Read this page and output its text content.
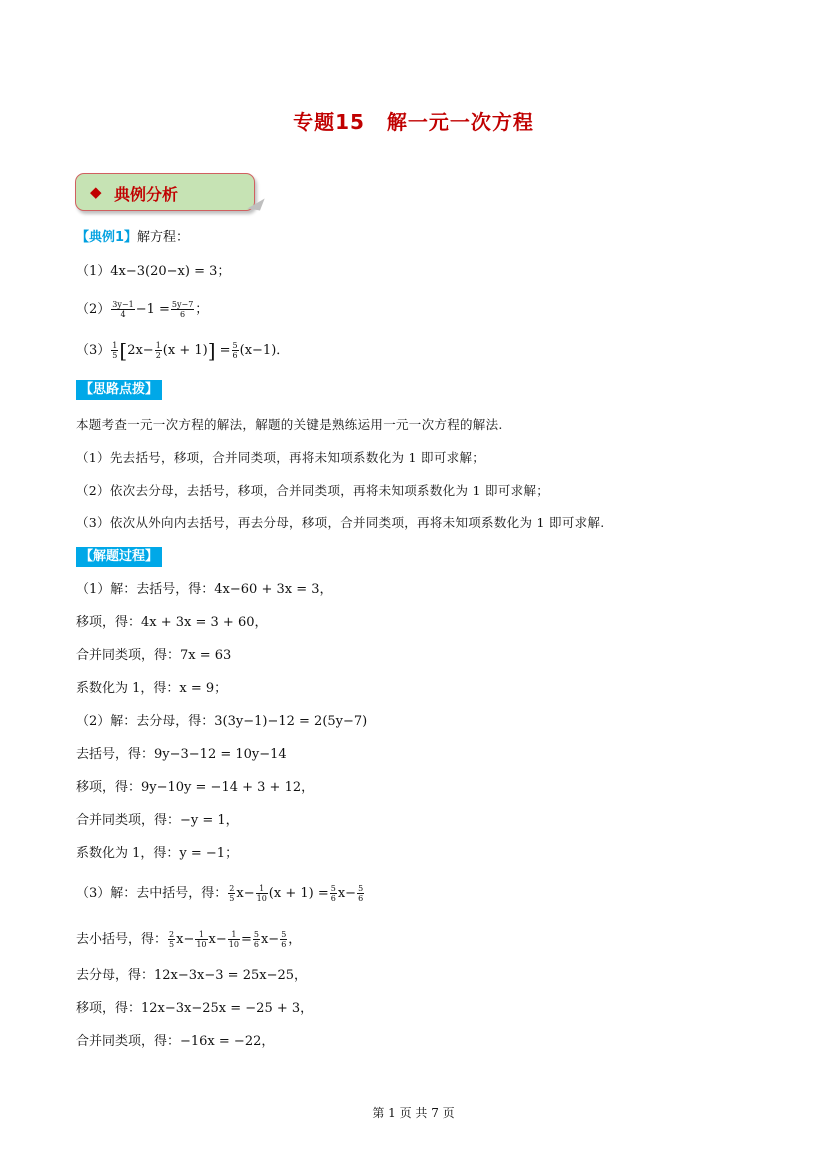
专题15 解一元一次方程
◆ 典例分析
【典例1】解方程：
（1）4x−3(20−x) = 3；
$(2) \frac{3y-1}{4} -1 = \frac{5y-7}{6}$ ；
$(3) \frac{1}{5} [2x- \frac{1}{2} (x + 1)] = \frac{5}{6} (x-1)$．
【思路点拨】
本题考查一元一次方程的解法，解题的关键是熟练运用一元一次方程的解法.
（1）先去括号，移项，合并同类项，再将未知项系数化为 1 即可求解；
（2）依次去分母，去括号，移项，合并同类项，再将未知项系数化为 1 即可求解；
（3）依次从外向内去括号，再去分母，移项，合并同类项，再将未知项系数化为 1 即可求解.
【解题过程】
（1）解：去括号，得：4x−60 + 3x = 3，
移项，得：4x + 3x = 3 + 60，
合并同类项，得：7x = 63
系数化为 1，得：x = 9；
（2）解：去分母，得：3(3y−1)−12 = 2(5y−7)
去括号，得：9y−3−12 = 10y−14
移项，得：9y−10y = −14 + 3 + 12，
合并同类项，得：−y = 1，
系数化为 1，得：y = −1；
（3）解：去中括号，得： $\frac{2}{5} x- \frac{1}{10} (x + 1) = \frac{5}{6} x- \frac{5}{6}$
去小括号，得： $\frac{2}{5} x- \frac{1}{10} x- \frac{1}{10} = \frac{5}{6} x- \frac{5}{6}$ ，
去分母，得：12x−3x−3 = 25x−25，
移项，得：12x−3x−25x = −25 + 3，
合并同类项，得：−16x = −22，
第 1 页 共 7 页
